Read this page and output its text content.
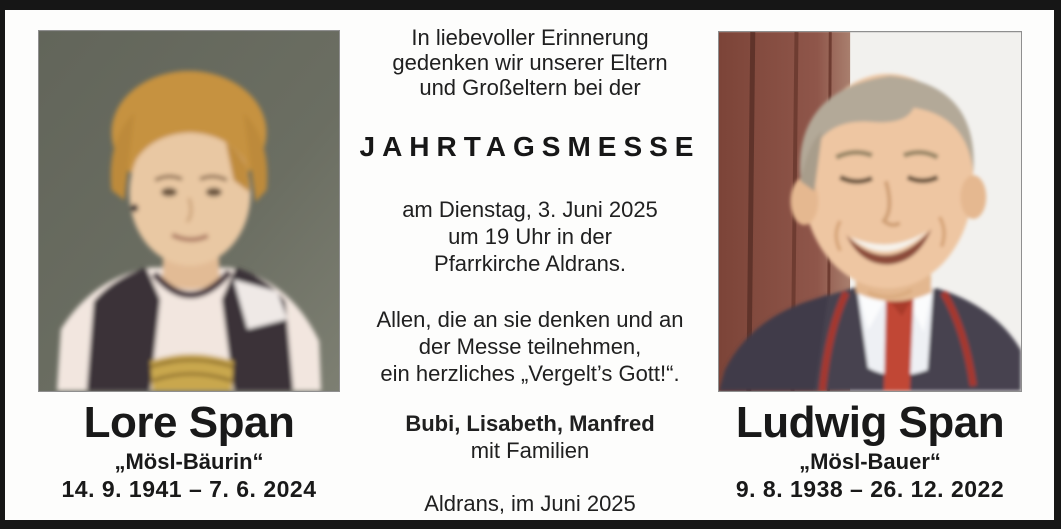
In liebevoller Erinnerung
gedenken wir unserer Eltern
und Großeltern bei der
JAHRTAGSMESSE
am Dienstag, 3. Juni 2025
um 19 Uhr in der
Pfarrkirche Aldrans.
Allen, die an sie denken und an
der Messe teilnehmen,
ein herzliches „Vergelt’s Gott!“.
Bubi, Lisabeth, Manfred
mit Familien
Aldrans, im Juni 2025
Lore Span
„Mösl-Bäurin“
14. 9. 1941 – 7. 6. 2024
Ludwig Span
„Mösl-Bauer“
9. 8. 1938 – 26. 12. 2022
